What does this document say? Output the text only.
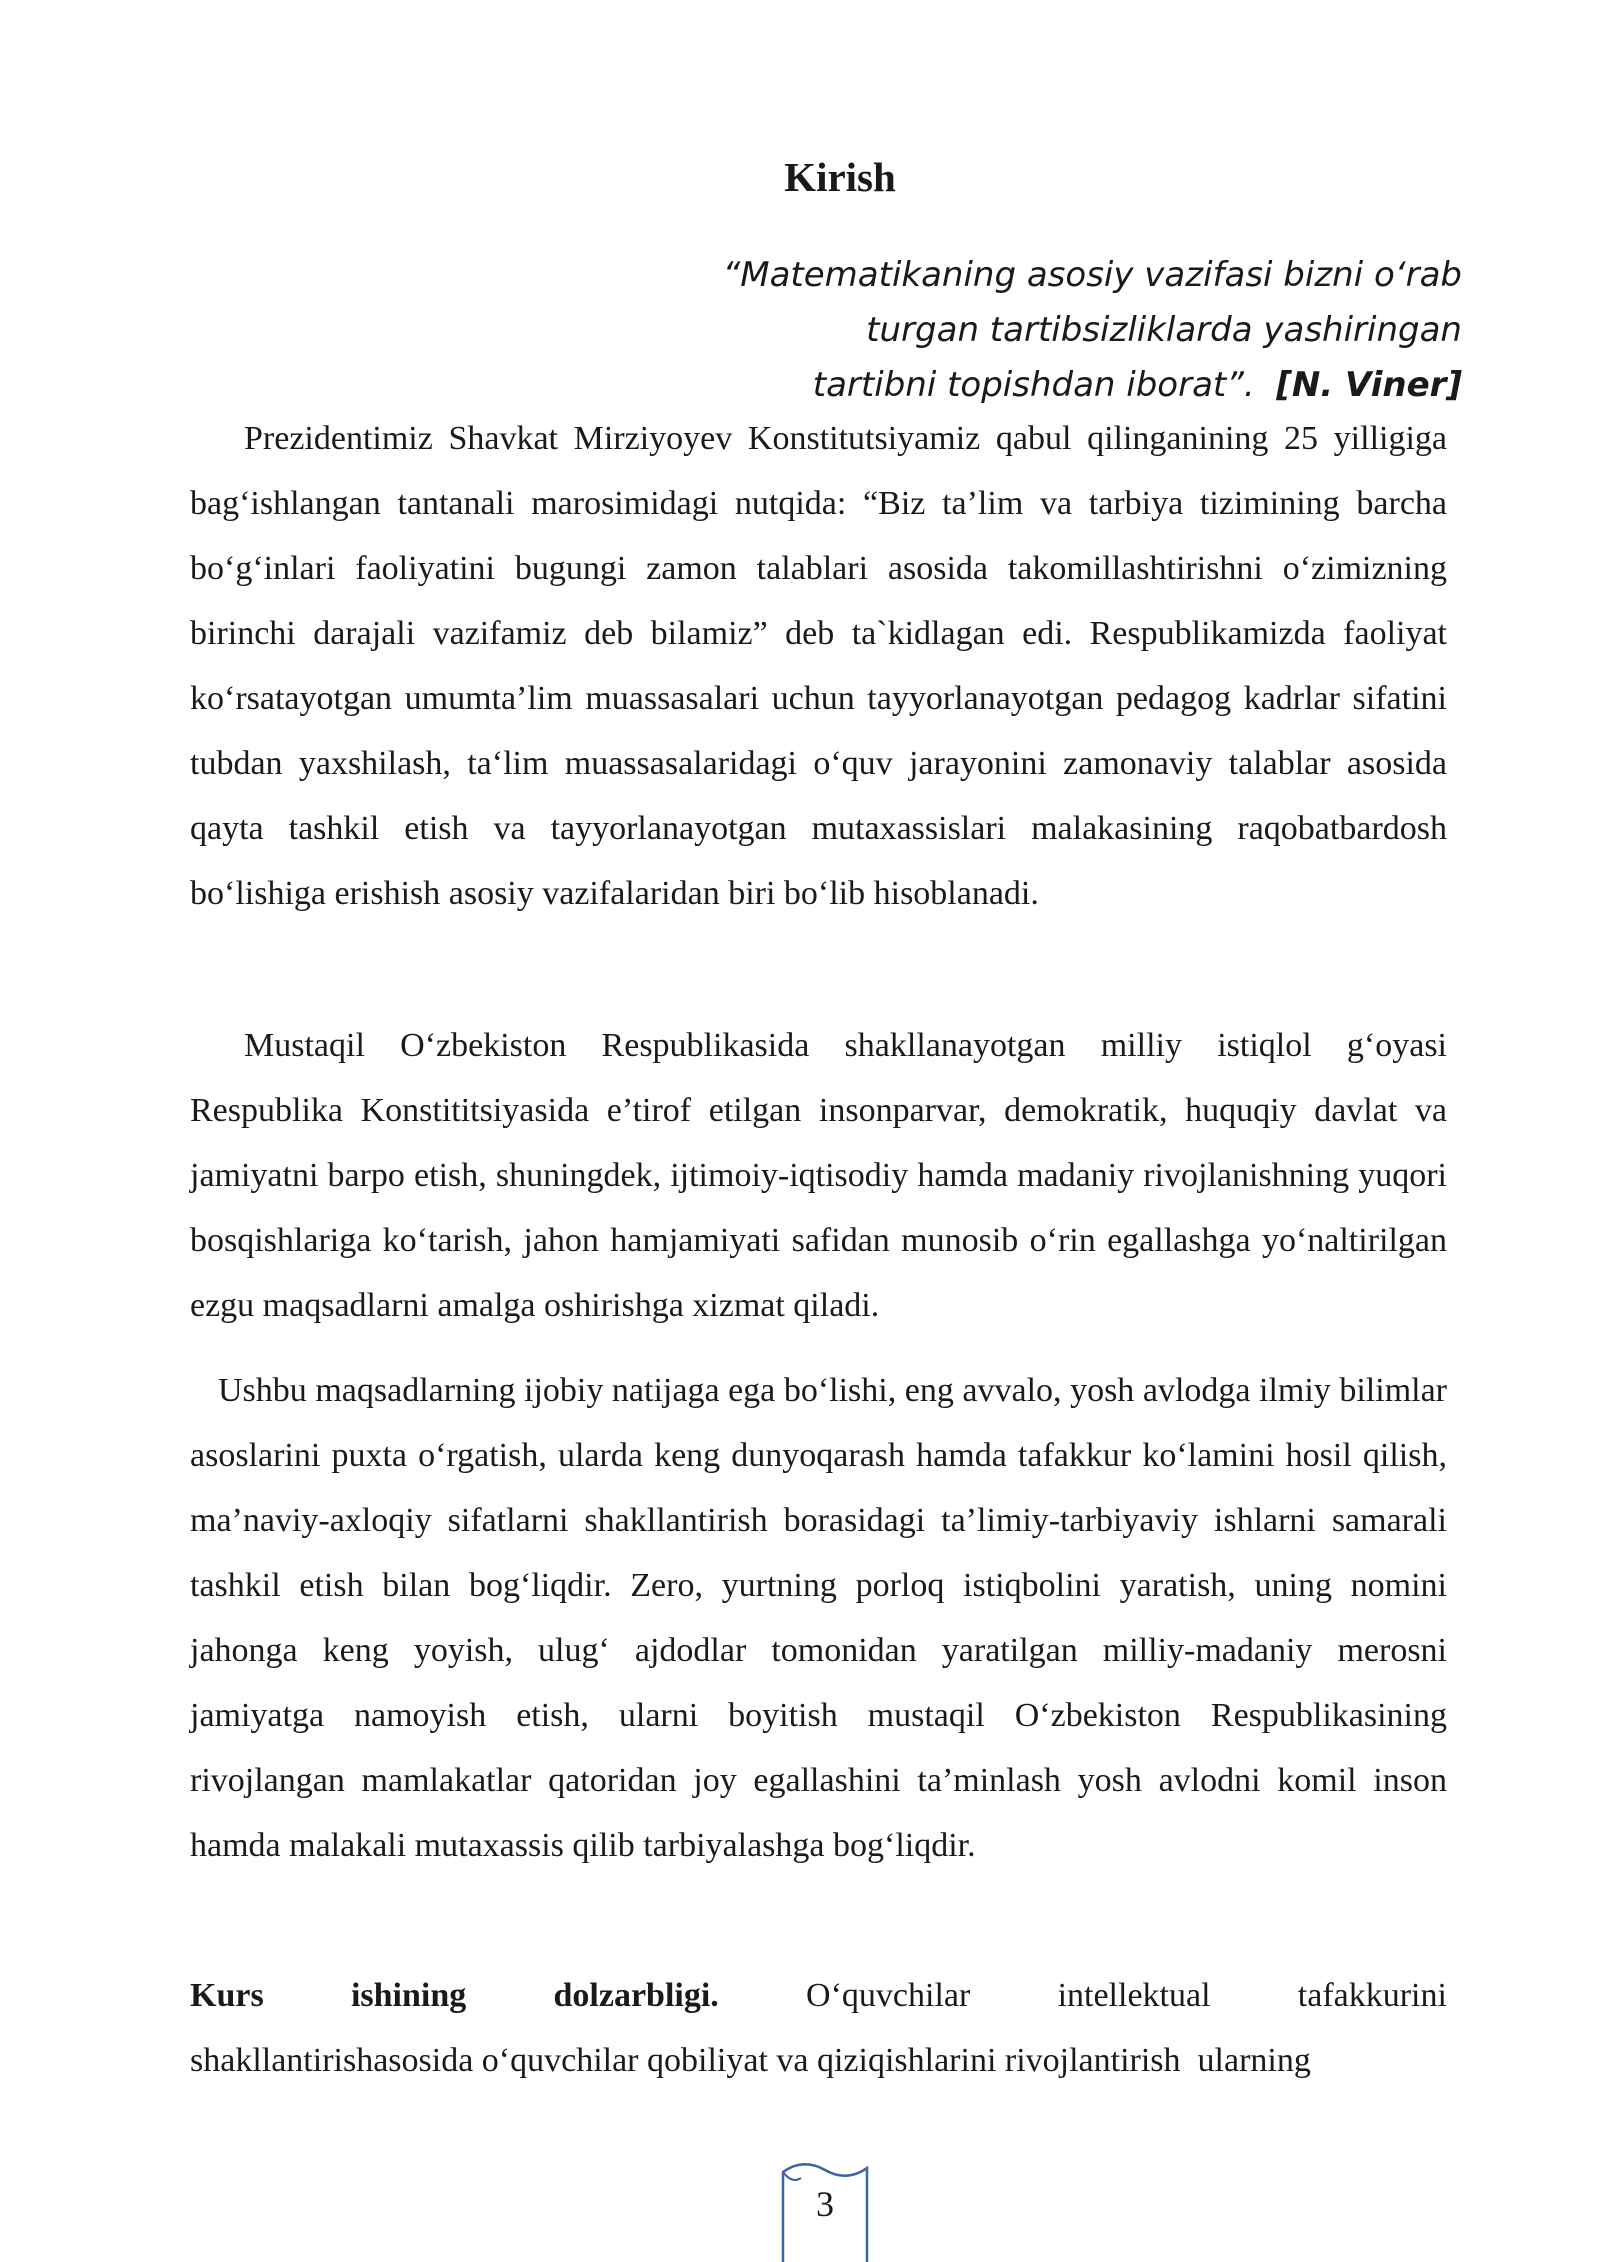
Kirish
“Matematikaning asosiy vazifasi bizni o‘rab
turgan tartibsizliklarda yashiringan
tartibni topishdan iborat”. [N. Viner]

Prezidentimiz Shavkat Mirziyoyev Konstitutsiyamiz qabul qilinganining 25 yilligiga bag‘ishlangan tantanali marosimidagi nutqida: “Biz ta’lim va tarbiya tizimining barcha bo‘g‘inlari faoliyatini bugungi zamon talablari asosida takomillashtirishni o‘zimizning birinchi darajali vazifamiz deb bilamiz” deb ta`kidlagan edi. Respublikamizda faoliyat ko‘rsatayotgan umumta’lim muassasalari uchun tayyorlanayotgan pedagog kadrlar sifatini tubdan yaxshilash, ta‘lim muassasalaridagi o‘quv jarayonini zamonaviy talablar asosida qayta tashkil etish va tayyorlanayotgan mutaxassislari malakasining raqobatbardosh bo‘lishiga erishish asosiy vazifalaridan biri bo‘lib hisoblanadi.

Mustaqil O‘zbekiston Respublikasida shakllanayotgan milliy istiqlol g‘oyasi Respublika Konstititsiyasida e’tirof etilgan insonparvar, demokratik, huquqiy davlat va jamiyatni barpo etish, shuningdek, ijtimoiy-iqtisodiy hamda madaniy rivojlanishning yuqori bosqishlariga ko‘tarish, jahon hamjamiyati safidan munosib o‘rin egallashga yo‘naltirilgan ezgu maqsadlarni amalga oshirishga xizmat qiladi.

Ushbu maqsadlarning ijobiy natijaga ega bo‘lishi, eng avvalo, yosh avlodga ilmiy bilimlar asoslarini puxta o‘rgatish, ularda keng dunyoqarash hamda tafakkur ko‘lamini hosil qilish, ma’naviy-axloqiy sifatlarni shakllantirish borasidagi ta’limiy-tarbiyaviy ishlarni samarali tashkil etish bilan bog‘liqdir. Zero, yurtning porloq istiqbolini yaratish, uning nomini jahonga keng yoyish, ulug‘ ajdodlar tomonidan yaratilgan milliy-madaniy merosni jamiyatga namoyish etish, ularni boyitish mustaqil O‘zbekiston Respublikasining rivojlangan mamlakatlar qatoridan joy egallashini ta’minlash yosh avlodni komil inson hamda malakali mutaxassis qilib tarbiyalashga bog‘liqdir.

Kurs	ishining	dolzarbligi.	O‘quvchilar	intellektual	tafakkurini
shakllantirishasosida o‘quvchilar qobiliyat va qiziqishlarini rivojlantirish  ularning
3
